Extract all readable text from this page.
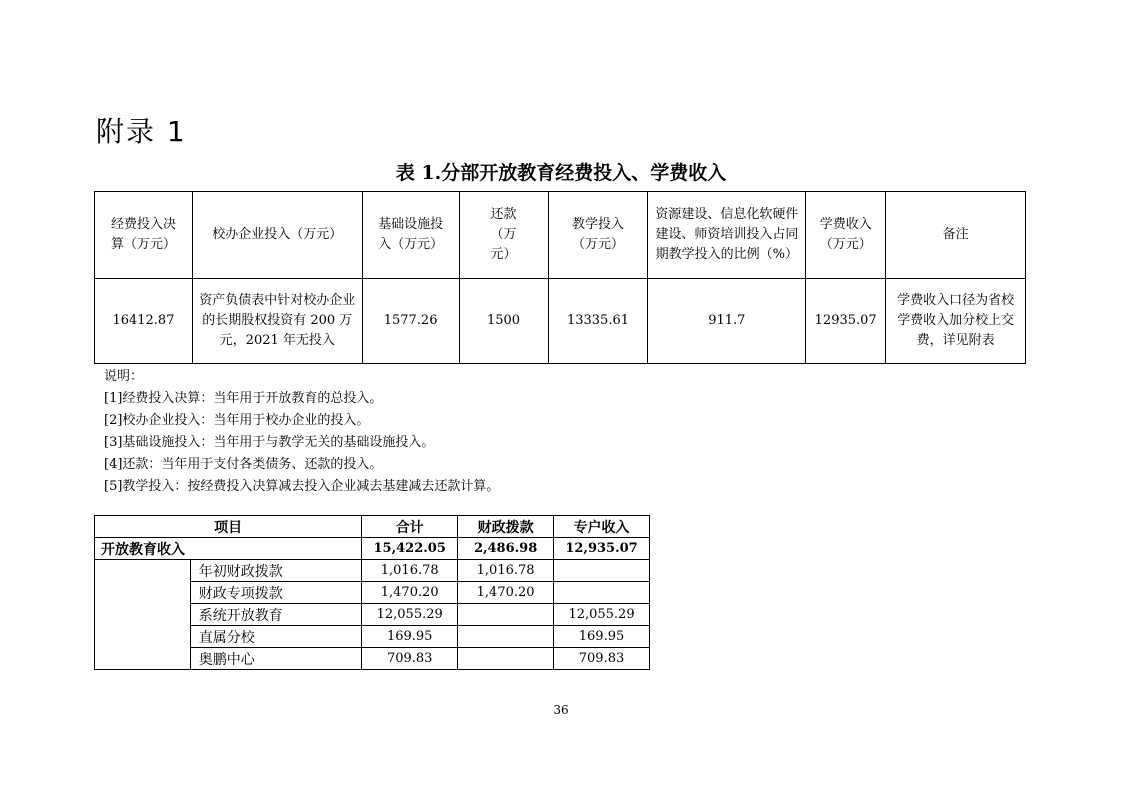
附录 1
表 1.分部开放教育经费投入、学费收入
经费投入决算（万元）	校办企业投入（万元）	基础设施投入（万元）	还款（万元）	教学投入（万元）	资源建设、信息化软硬件建设、师资培训投入占同期教学投入的比例（%）	学费收入（万元）	备注
16412.87	资产负债表中针对校办企业的长期股权投资有 200 万元，2021 年无投入	1577.26	1500	13335.61	911.7	12935.07	学费收入口径为省校学费收入加分校上交费，详见附表
说明：
[1]经费投入决算：当年用于开放教育的总投入。
[2]校办企业投入：当年用于校办企业的投入。
[3]基础设施投入：当年用于与教学无关的基础设施投入。
[4]还款：当年用于支付各类债务、还款的投入。
[5]教学投入：按经费投入决算减去投入企业减去基建减去还款计算。
项目		合计	财政拨款	专户收入
开放教育收入		15,422.05	2,486.98	12,935.07
	年初财政拨款	1,016.78	1,016.78	
	财政专项拨款	1,470.20	1,470.20	
	系统开放教育	12,055.29		12,055.29
	直属分校	169.95		169.95
	奥鹏中心	709.83		709.83
36
